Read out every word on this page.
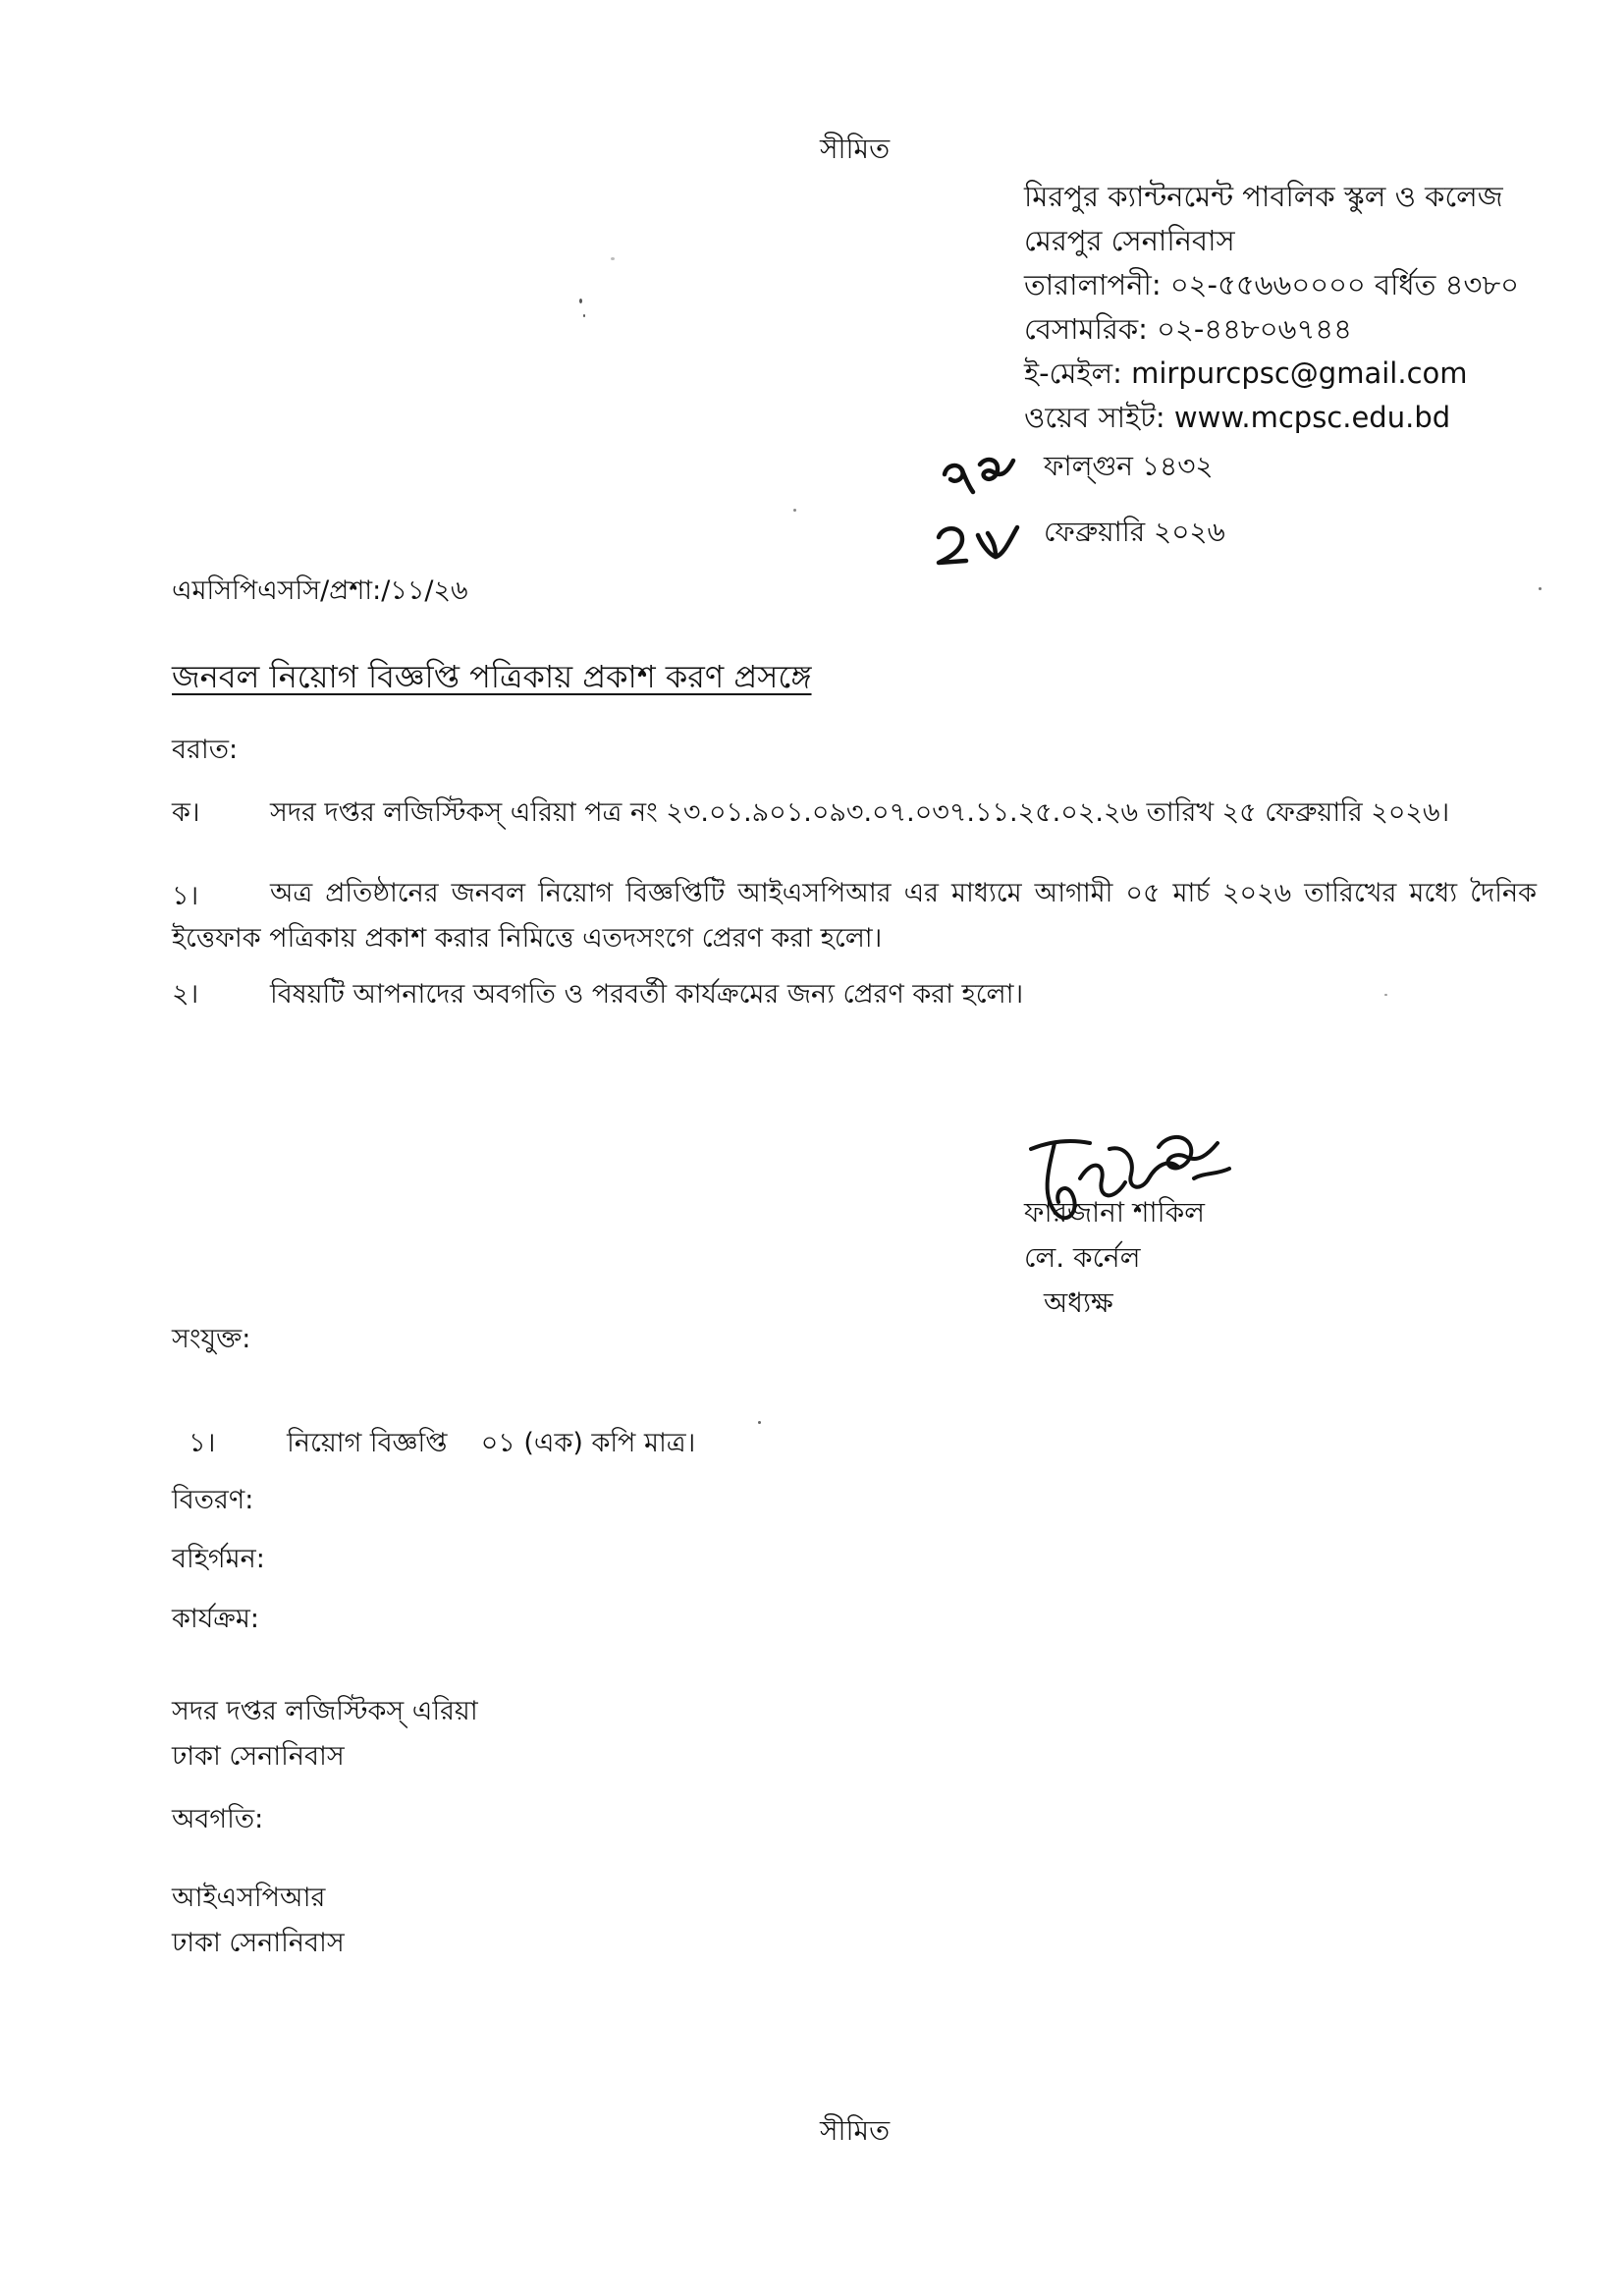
সীমিত
মিরপুর ক্যান্টনমেন্ট পাবলিক স্কুল ও কলেজ
মেরপুর সেনানিবাস
তারালাপনী: ০২-৫৫৬৬০০০০ বর্ধিত ৪৩৮০
বেসামরিক: ০২-৪৪৮০৬৭৪৪
ই-মেইল: mirpurcpsc@gmail.com
ওয়েব সাইট: www.mcpsc.edu.bd
ফাল্গুন ১৪৩২
ফেব্রুয়ারি ২০২৬
এমসিপিএসসি/প্রশা:/১১/২৬
জনবল নিয়োগ বিজ্ঞপ্তি পত্রিকায় প্রকাশ করণ প্রসঙ্গে
বরাত:
ক।	সদর দপ্তর লজিস্টিকস্ এরিয়া পত্র নং ২৩.০১.৯০১.০৯৩.০৭.০৩৭.১১.২৫.০২.২৬ তারিখ ২৫ ফেব্রুয়ারি ২০২৬।
১।	অত্র প্রতিষ্ঠানের জনবল নিয়োগ বিজ্ঞপ্তিটি আইএসপিআর এর মাধ্যমে আগামী ০৫ মার্চ ২০২৬ তারিখের মধ্যে দৈনিক ইত্তেফাক পত্রিকায় প্রকাশ করার নিমিত্তে এতদসংগে প্রেরণ করা হলো।
২।	বিষয়টি আপনাদের অবগতি ও পরবর্তী কার্যক্রমের জন্য প্রেরণ করা হলো।
ফারজানা শাকিল
লে. কর্নেল
অধ্যক্ষ
সংযুক্ত:

১।	নিয়োগ বিজ্ঞপ্তি    ০১ (এক) কপি মাত্র।

বিতরণ:
বহির্গমন:
কার্যক্রম:
সদর দপ্তর লজিস্টিকস্ এরিয়া
ঢাকা সেনানিবাস
অবগতি:
আইএসপিআর
ঢাকা সেনানিবাস
সীমিত
